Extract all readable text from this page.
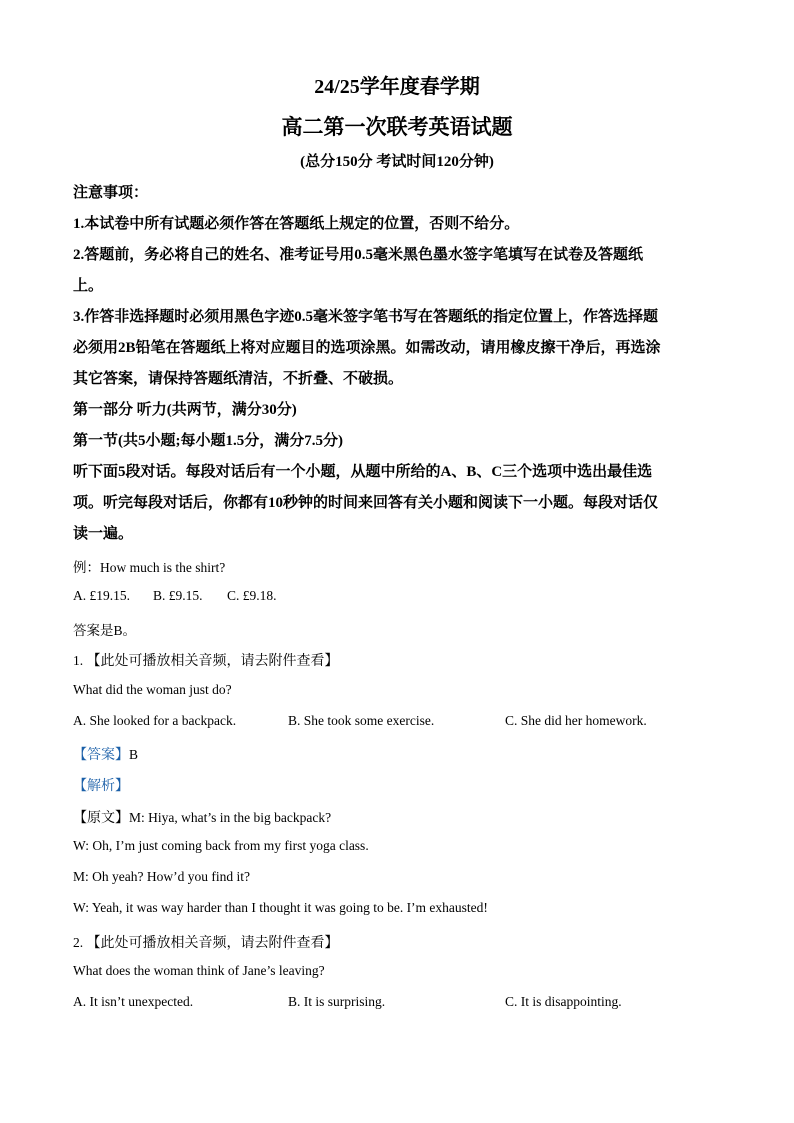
24/25学年度春学期
高二第一次联考英语试题
(总分150分 考试时间120分钟)
注意事项：
1.本试卷中所有试题必须作答在答题纸上规定的位置，否则不给分。
2.答题前，务必将自己的姓名、准考证号用0.5毫米黑色墨水签字笔填写在试卷及答题纸
上。
3.作答非选择题时必须用黑色字迹0.5毫米签字笔书写在答题纸的指定位置上，作答选择题
必须用2B铅笔在答题纸上将对应题目的选项涂黑。如需改动，请用橡皮擦干净后，再选涂
其它答案，请保持答题纸清洁，不折叠、不破损。
第一部分 听力(共两节，满分30分)
第一节(共5小题;每小题1.5分，满分7.5分)
听下面5段对话。每段对话后有一个小题，从题中所给的A、B、C三个选项中选出最佳选
项。听完每段对话后，你都有10秒钟的时间来回答有关小题和阅读下一小题。每段对话仅
读一遍。
例：How much is the shirt?
A. £19.15. B. £9.15. C. £9.18.
答案是B。
1. 【此处可播放相关音频，请去附件查看】
What did the woman just do?
A. She looked for a backpack.	B. She took some exercise.	C. She did her homework.
【答案】B
【解析】
【原文】M: Hiya, what’s in the big backpack?
W: Oh, I’m just coming back from my first yoga class.
M: Oh yeah? How’d you find it?
W: Yeah, it was way harder than I thought it was going to be. I’m exhausted!
2. 【此处可播放相关音频，请去附件查看】
What does the woman think of Jane’s leaving?
A. It isn’t unexpected.	B. It is surprising.	C. It is disappointing.
